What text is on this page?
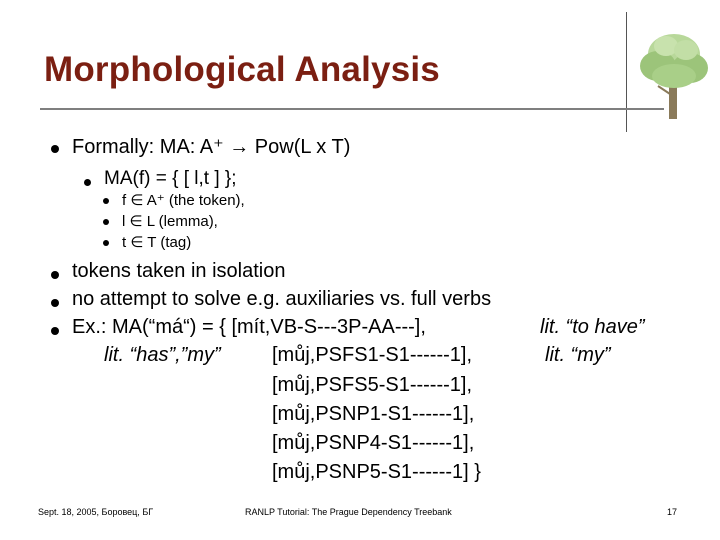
Morphological Analysis
Formally: MA: A⁺ → Pow(L x T)
MA(f) = { [ l,t ] };
f ∈ A⁺ (the token),
l ∈ L (lemma),
t ∈ T (tag)
tokens taken in isolation
no attempt to solve e.g. auxiliaries vs. full verbs
Ex.: MA(“má“) = { [mít,VB-S---3P-AA---],	lit. “to have”
lit. “has”,”my”	[můj,PSFS1-S1------1],	lit. “my”
[můj,PSFS5-S1------1],
[můj,PSNP1-S1------1],
[můj,PSNP4-S1------1],
[můj,PSNP5-S1------1] }
Sept. 18, 2005, Боровец, БГ	RANLP Tutorial: The Prague Dependency Treebank	17
